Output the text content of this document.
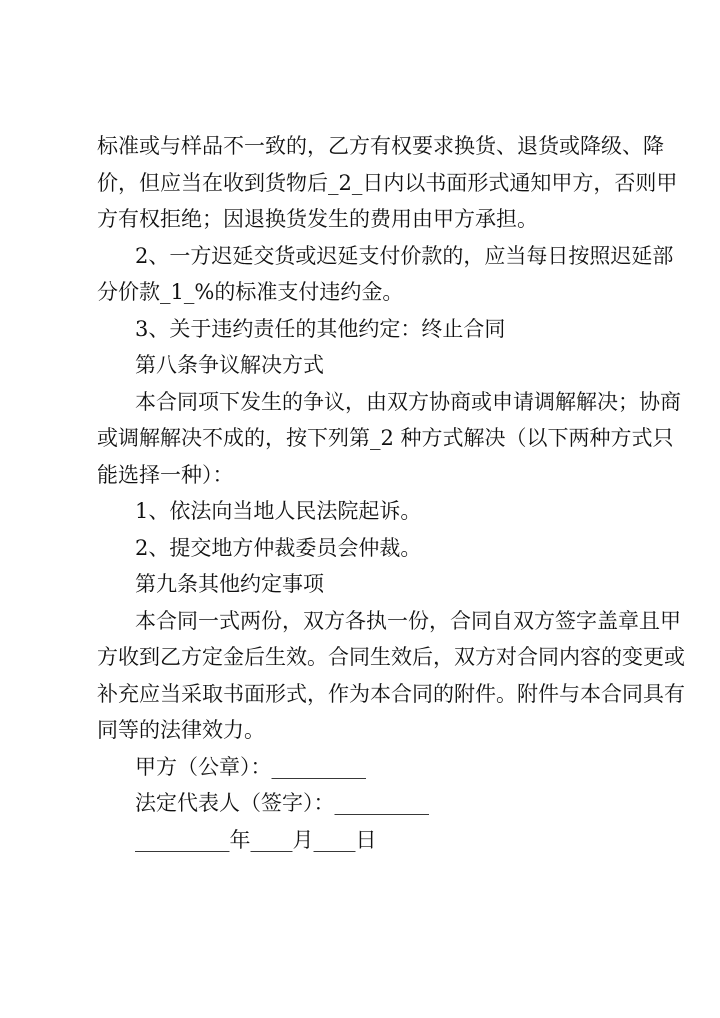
标准或与样品不一致的，乙方有权要求换货、退货或降级、降
价，但应当在收到货物后_2_日内以书面形式通知甲方，否则甲
方有权拒绝；因退换货发生的费用由甲方承担。
2、一方迟延交货或迟延支付价款的，应当每日按照迟延部
分价款_1_%的标准支付违约金。
3、关于违约责任的其他约定：终止合同
第八条争议解决方式
本合同项下发生的争议，由双方协商或申请调解解决；协商
或调解解决不成的，按下列第_2 种方式解决（以下两种方式只
能选择一种）：
1、依法向当地人民法院起诉。
2、提交地方仲裁委员会仲裁。
第九条其他约定事项
本合同一式两份，双方各执一份，合同自双方签字盖章且甲
方收到乙方定金后生效。合同生效后，双方对合同内容的变更或
补充应当采取书面形式，作为本合同的附件。附件与本合同具有
同等的法律效力。
甲方（公章）：_________
法定代表人（签字）：_________
_________年____月____日
